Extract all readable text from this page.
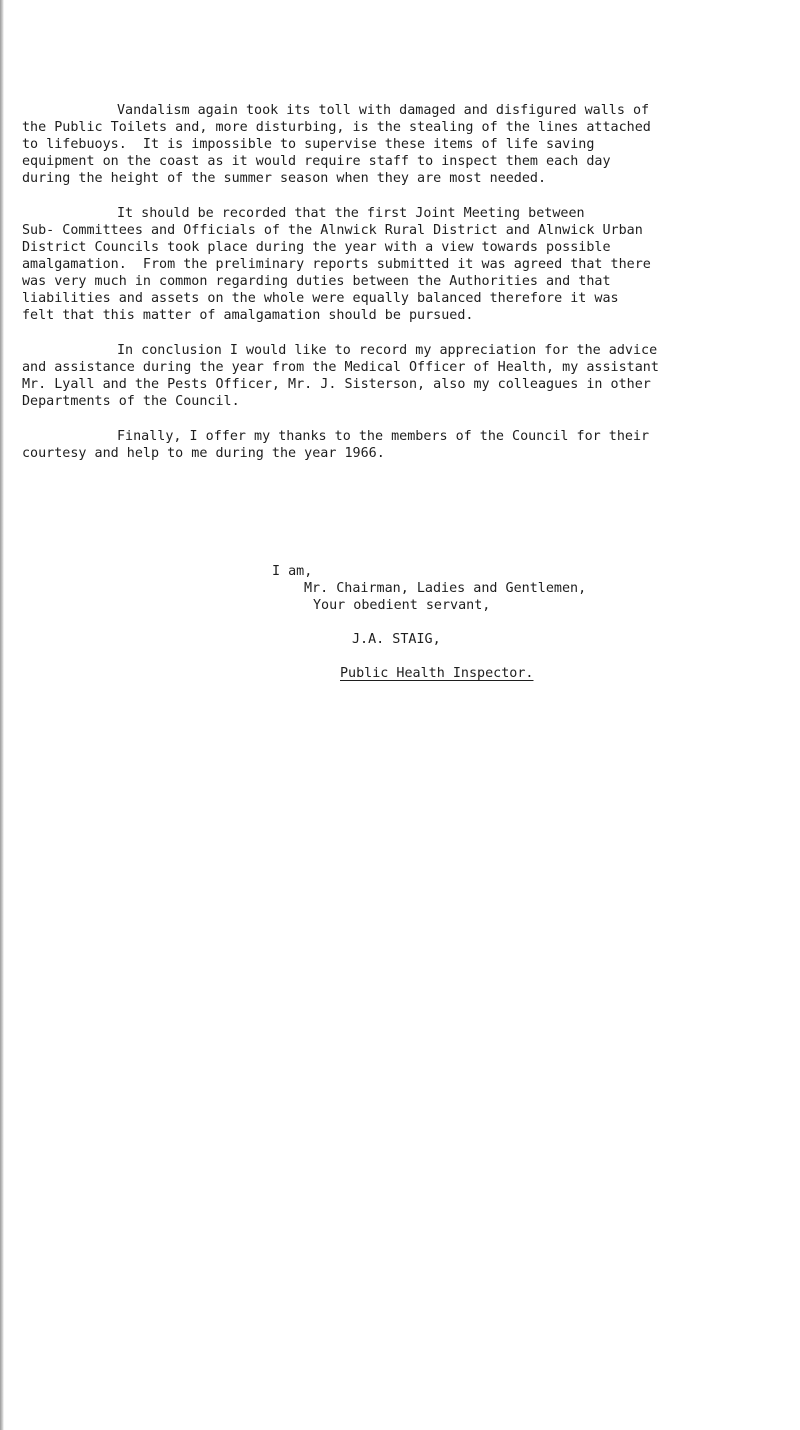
Vandalism again took its toll with damaged and disfigured walls of
the Public Toilets and, more disturbing, is the stealing of the lines attached
to lifebuoys.  It is impossible to supervise these items of life saving
equipment on the coast as it would require staff to inspect them each day
during the height of the summer season when they are most needed.
It should be recorded that the first Joint Meeting between
Sub- Committees and Officials of the Alnwick Rural District and Alnwick Urban
District Councils took place during the year with a view towards possible
amalgamation.  From the preliminary reports submitted it was agreed that there
was very much in common regarding duties between the Authorities and that
liabilities and assets on the whole were equally balanced therefore it was
felt that this matter of amalgamation should be pursued.
In conclusion I would like to record my appreciation for the advice
and assistance during the year from the Medical Officer of Health, my assistant
Mr. Lyall and the Pests Officer, Mr. J. Sisterson, also my colleagues in other
Departments of the Council.
Finally, I offer my thanks to the members of the Council for their
courtesy and help to me during the year 1966.
I am,
Mr. Chairman, Ladies and Gentlemen,
Your obedient servant,
J.A. STAIG,
Public Health Inspector.
